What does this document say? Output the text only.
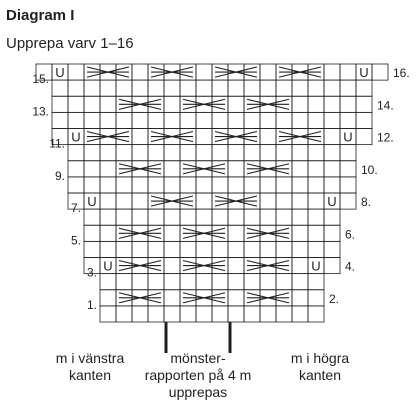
Diagram I
Upprepa varv 1–16
U	U
U	U
U	U
U	U
16.
15.
14.
13.
12.
11.
10.
9.
8.
7.
6.
5.
4.
3.
2.
1.
m i vänstra
kanten
mönster-
rapporten på 4 m
upprepas
m i högra
kanten
